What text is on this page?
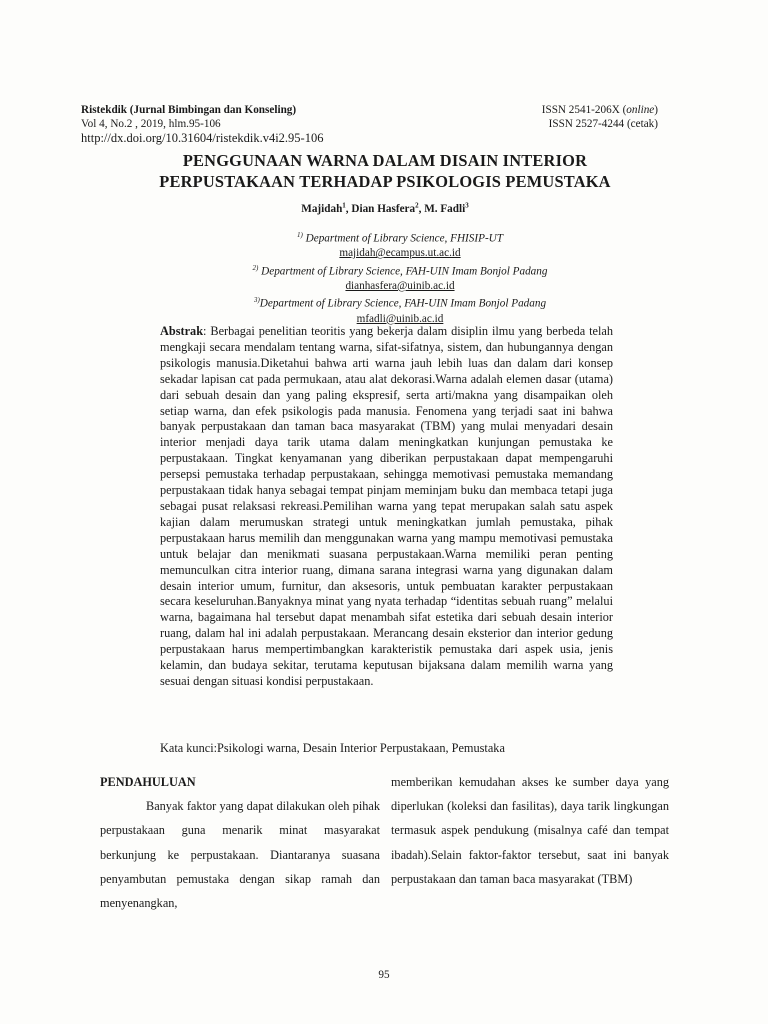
Ristekdik (Jurnal Bimbingan dan Konseling)
Vol 4, No.2 , 2019, hlm.95-106
http://dx.doi.org/10.31604/ristekdik.v4i2.95-106
ISSN 2541-206X (online)
ISSN 2527-4244 (cetak)
PENGGUNAAN WARNA DALAM DISAIN INTERIOR
PERPUSTAKAAN TERHADAP PSIKOLOGIS PEMUSTAKA
Majidah$^1$, Dian Hasfera$^2$, M. Fadli$^3$
$^{1)}$ Department of Library Science, FHISIP-UT
majidah@ecampus.ut.ac.id
$^{2)}$ Department of Library Science, FAH-UIN Imam Bonjol Padang
dianhasfera@uinib.ac.id
$^{3)}$Department of Library Science, FAH-UIN Imam Bonjol Padang
mfadli@uinib.ac.id
Abstrak: Berbagai penelitian teoritis yang bekerja dalam disiplin ilmu yang berbeda telah mengkaji secara mendalam tentang warna, sifat-sifatnya, sistem, dan hubungannya dengan psikologis manusia.Diketahui bahwa arti warna jauh lebih luas dan dalam dari konsep sekadar lapisan cat pada permukaan, atau alat dekorasi.Warna adalah elemen dasar (utama) dari sebuah desain dan yang paling ekspresif, serta arti/makna yang disampaikan oleh setiap warna, dan efek psikologis pada manusia. Fenomena yang terjadi saat ini bahwa banyak perpustakaan dan taman baca masyarakat (TBM) yang mulai menyadari desain interior menjadi daya tarik utama dalam meningkatkan kunjungan pemustaka ke perpustakaan. Tingkat kenyamanan yang diberikan perpustakaan dapat mempengaruhi persepsi pemustaka terhadap perpustakaan, sehingga memotivasi pemustaka memandang perpustakaan tidak hanya sebagai tempat pinjam meminjam buku dan membaca tetapi juga sebagai pusat relaksasi rekreasi.Pemilihan warna yang tepat merupakan salah satu aspek kajian dalam merumuskan strategi untuk meningkatkan jumlah pemustaka, pihak perpustakaan harus memilih dan menggunakan warna yang mampu memotivasi pemustaka untuk belajar dan menikmati suasana perpustakaan.Warna memiliki peran penting memunculkan citra interior ruang, dimana sarana integrasi warna yang digunakan dalam desain interior umum, furnitur, dan aksesoris, untuk pembuatan karakter perpustakaan secara keseluruhan.Banyaknya minat yang nyata terhadap “identitas sebuah ruang” melalui warna, bagaimana hal tersebut dapat menambah sifat estetika dari sebuah desain interior ruang, dalam hal ini adalah perpustakaan. Merancang desain eksterior dan interior gedung perpustakaan harus mempertimbangkan karakteristik pemustaka dari aspek usia, jenis kelamin, dan budaya sekitar, terutama keputusan bijaksana dalam memilih warna yang sesuai dengan situasi kondisi perpustakaan.
Kata kunci:Psikologi warna, Desain Interior Perpustakaan, Pemustaka
PENDAHULUAN
Banyak faktor yang dapat dilakukan oleh pihak perpustakaan guna menarik minat masyarakat berkunjung ke perpustakaan. Diantaranya suasana penyambutan pemustaka dengan sikap ramah dan menyenangkan,
memberikan kemudahan akses ke sumber daya yang diperlukan (koleksi dan fasilitas), daya tarik lingkungan termasuk aspek pendukung (misalnya café dan tempat ibadah).Selain faktor-faktor tersebut, saat ini banyak perpustakaan dan taman baca masyarakat (TBM)
95
